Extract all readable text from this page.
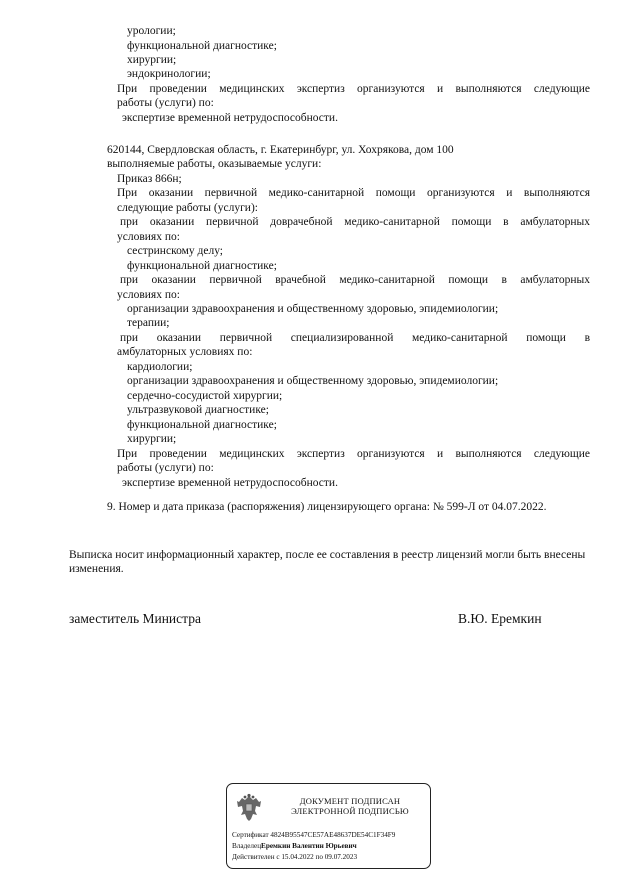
урологии;
функциональной диагностике;
хирургии;
эндокринологии;
При проведении медицинских экспертиз организуются и выполняются следующие
работы (услуги) по:
экспертизе временной нетрудоспособности.
620144, Свердловская область, г. Екатеринбург, ул. Хохрякова, дом 100
выполняемые работы, оказываемые услуги:
Приказ 866н;
При оказании первичной медико-санитарной помощи организуются и выполняются
следующие работы (услуги):
при оказании первичной доврачебной медико-санитарной помощи в амбулаторных
условиях по:
сестринскому делу;
функциональной диагностике;
при оказании первичной врачебной медико-санитарной помощи в амбулаторных
условиях по:
организации здравоохранения и общественному здоровью, эпидемиологии;
терапии;
при оказании первичной специализированной медико-санитарной помощи в
амбулаторных условиях по:
кардиологии;
организации здравоохранения и общественному здоровью, эпидемиологии;
сердечно-сосудистой хирургии;
ультразвуковой диагностике;
функциональной диагностике;
хирургии;
При проведении медицинских экспертиз организуются и выполняются следующие
работы (услуги) по:
экспертизе временной нетрудоспособности.
9. Номер и дата приказа (распоряжения) лицензирующего органа: № 599-Л от 04.07.2022.
Выписка носит информационный характер, после ее составления в реестр лицензий могли быть внесены изменения.
заместитель Министра	В.Ю. Еремкин
ДОКУМЕНТ ПОДПИСАН
ЭЛЕКТРОННОЙ ПОДПИСЬЮ
Сертификат 4824B95547CE57AE48637DE54C1F34F9
ВладелецЕремкин Валентин Юрьевич
Действителен с 15.04.2022 по 09.07.2023
